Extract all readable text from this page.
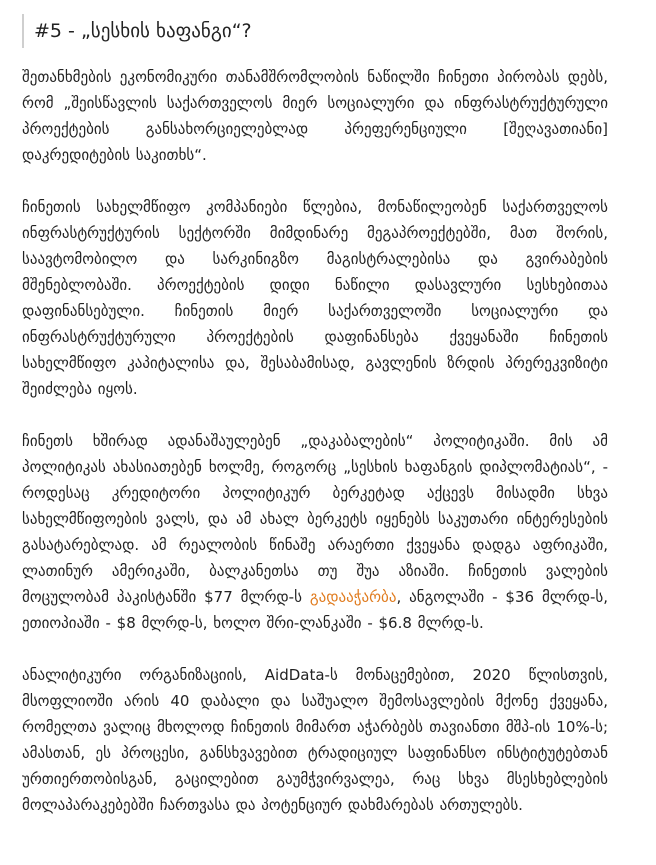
#5 - „სესხის ხაფანგი“?

შეთანხმების ეკონომიკური თანამშრომლობის ნაწილში ჩინეთი პირობას დებს, რომ „შეისწავლის საქართველოს მიერ სოციალური და ინფრასტრუქტურული პროექტების განსახორციელებლად პრეფერენციული [შეღავათიანი] დაკრედიტების საკითხს“.

ჩინეთის სახელმწიფო კომპანიები წლებია, მონაწილეობენ საქართველოს ინფრასტრუქტურის სექტორში მიმდინარე მეგაპროექტებში, მათ შორის, საავტომობილო და სარკინიგზო მაგისტრალებისა და გვირაბების მშენებლობაში. პროექტების დიდი ნაწილი დასავლური სესხებითაა დაფინანსებული. ჩინეთის მიერ საქართველოში სოციალური და ინფრასტრუქტურული პროექტების დაფინანსება ქვეყანაში ჩინეთის სახელმწიფო კაპიტალისა და, შესაბამისად, გავლენის ზრდის პრერეკვიზიტი შეიძლება იყოს.

ჩინეთს ხშირად ადანაშაულებენ „დაკაბალების“ პოლიტიკაში. მის ამ პოლიტიკას ახასიათებენ ხოლმე, როგორც „სესხის ხაფანგის დიპლომატიას“, - როდესაც კრედიტორი პოლიტიკურ ბერკეტად აქცევს მისადმი სხვა სახელმწიფოების ვალს, და ამ ახალ ბერკეტს იყენებს საკუთარი ინტერესების გასატარებლად. ამ რეალობის წინაშე არაერთი ქვეყანა დადგა აფრიკაში, ლათინურ ამერიკაში, ბალკანეთსა თუ შუა აზიაში. ჩინეთის ვალების მოცულობამ პაკისტანში $77 მლრდ-ს გადააჭარბა, ანგოლაში - $36 მლრდ-ს, ეთიოპიაში - $8 მლრდ-ს, ხოლო შრი-ლანკაში - $6.8 მლრდ-ს.

ანალიტიკური ორგანიზაციის, AidData-ს მონაცემებით, 2020 წლისთვის, მსოფლიოში არის 40 დაბალი და საშუალო შემოსავლების მქონე ქვეყანა, რომელთა ვალიც მხოლოდ ჩინეთის მიმართ აჭარბებს თავიანთი მშპ-ის 10%-ს; ამასთან, ეს პროცესი, განსხვავებით ტრადიციულ საფინანსო ინსტიტუტებთან ურთიერთობისგან, გაცილებით გაუმჭვირვალეა, რაც სხვა მსესხებლების მოლაპარაკებებში ჩართვასა და პოტენციურ დახმარებას ართულებს.
